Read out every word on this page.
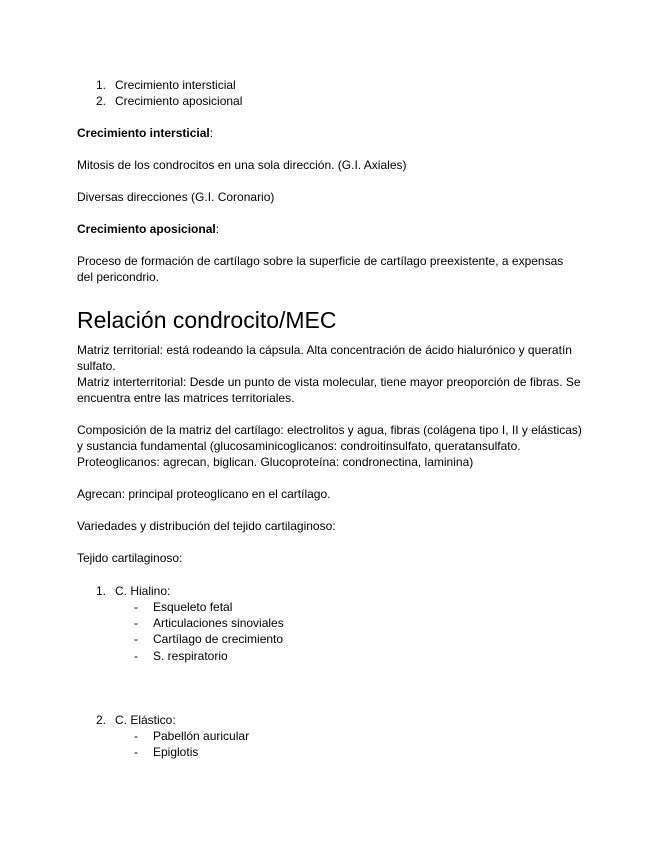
1. Crecimiento intersticial
2. Crecimiento aposicional

Crecimiento intersticial:

Mitosis de los condrocitos en una sola dirección. (G.I. Axiales)

Diversas direcciones (G.I. Coronario)

Crecimiento aposicional:

Proceso de formación de cartílago sobre la superficie de cartílago preexistente, a expensas del pericondrio.

Relación condrocito/MEC

Matriz territorial: está rodeando la cápsula. Alta concentración de ácido hialurónico y queratín sulfato.

Matriz interterritorial: Desde un punto de vista molecular, tiene mayor preoporción de fibras. Se encuentra entre las matrices territoriales.

Composición de la matriz del cartílago: electrolitos y agua, fibras (colágena tipo I, II y elásticas) y sustancia fundamental (glucosaminicoglicanos: condroitinsulfato, queratansulfato.

Proteoglicanos: agrecan, biglican. Glucoproteína: condronectina, laminina)

Agrecan: principal proteoglicano en el cartílago.

Variedades y distribución del tejido cartilaginoso:

Tejido cartilaginoso:

1. C. Hialino:
- Esqueleto fetal
- Articulaciones sinoviales
- Cartílago de crecimiento
- S. respiratorio
2. C. Elástico:
- Pabellón auricular
- Epiglotis
